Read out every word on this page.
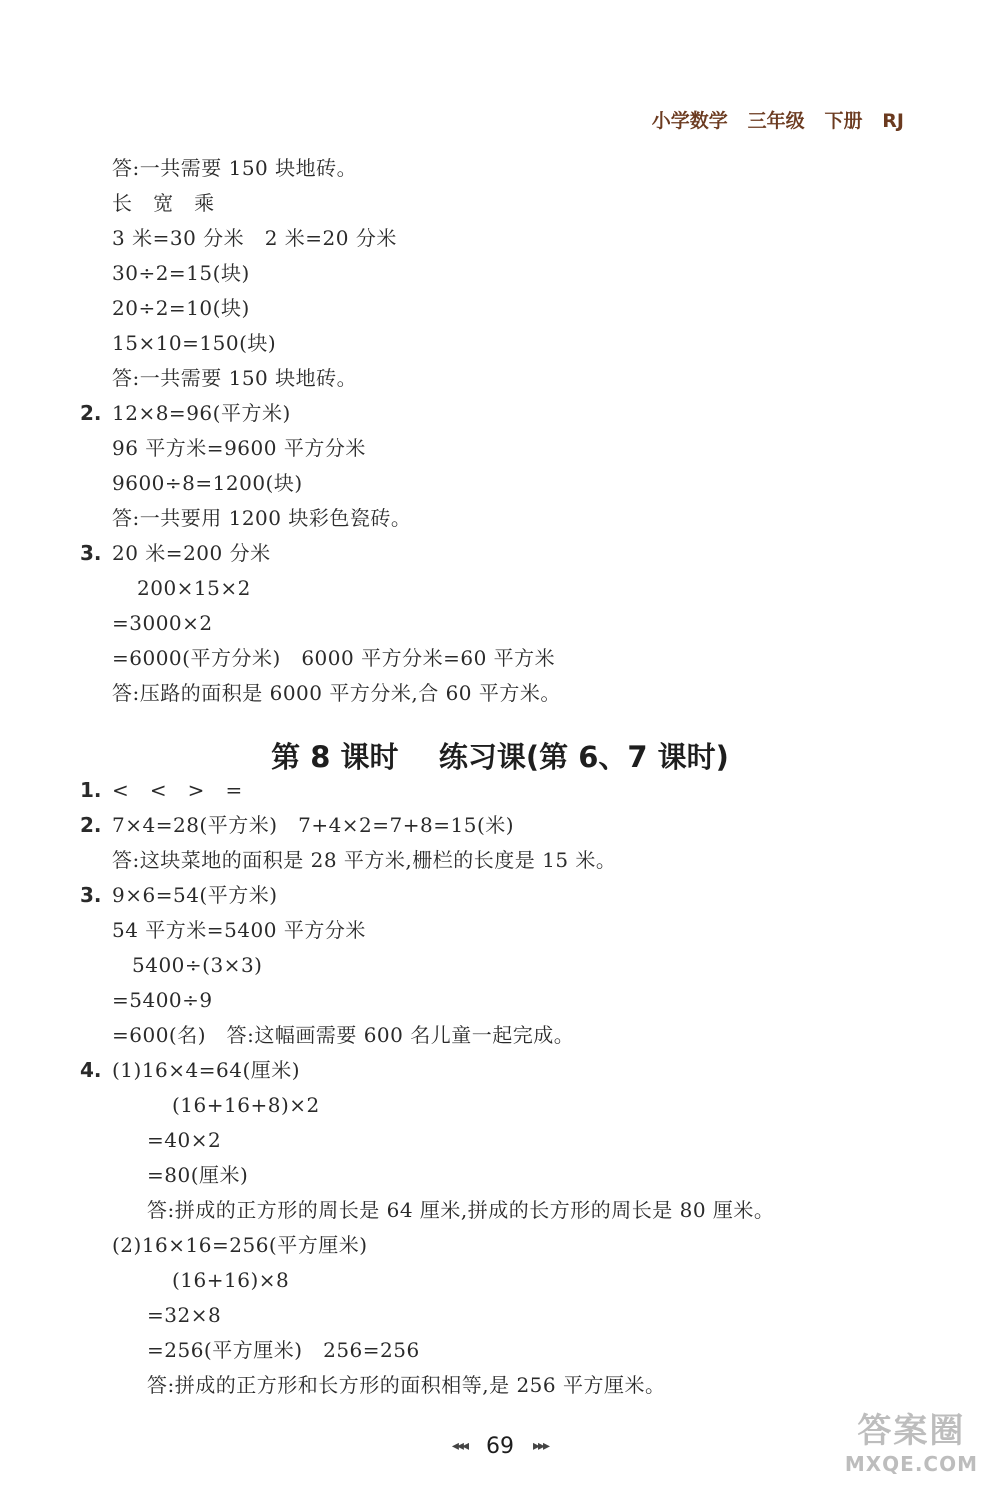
小学数学   三年级   下册   RJ
答:一共需要 150 块地砖。
长   宽   乘
3 米=30 分米   2 米=20 分米
30÷2=15(块)
20÷2=10(块)
15×10=150(块)
答:一共需要 150 块地砖。
2. 12×8=96(平方米)
96 平方米=9600 平方分米
9600÷8=1200(块)
答:一共要用 1200 块彩色瓷砖。
3. 20 米=200 分米
200×15×2
=3000×2
=6000(平方分米)   6000 平方分米=60 平方米
答:压路的面积是 6000 平方分米,合 60 平方米。
第 8 课时    练习课(第 6、7 课时)
1. <   <   >   =
2. 7×4=28(平方米)   7+4×2=7+8=15(米)
答:这块菜地的面积是 28 平方米,栅栏的长度是 15 米。
3. 9×6=54(平方米)
54 平方米=5400 平方分米
5400÷(3×3)
=5400÷9
=600(名)   答:这幅画需要 600 名儿童一起完成。
4. (1)16×4=64(厘米)
(16+16+8)×2
=40×2
=80(厘米)
答:拼成的正方形的周长是 64 厘米,拼成的长方形的周长是 80 厘米。
(2)16×16=256(平方厘米)
(16+16)×8
=32×8
=256(平方厘米)   256=256
答:拼成的正方形和长方形的面积相等,是 256 平方厘米。
◂◂◂ 69 ▸▸▸	答案圈
MXQE.COM
